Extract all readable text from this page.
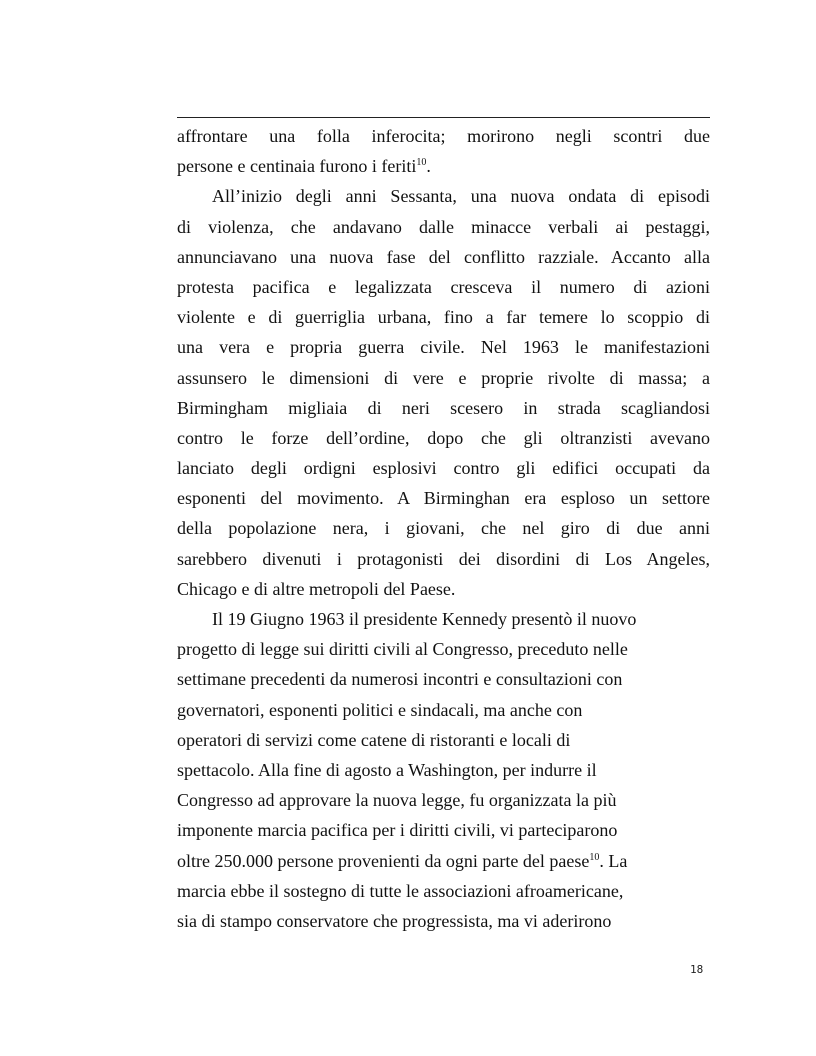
affrontare una folla inferocita; morirono negli scontri due
persone e centinaia furono i feriti$^{10}$.
All’inizio degli anni Sessanta, una nuova ondata di episodi
di violenza, che andavano dalle minacce verbali ai pestaggi,
annunciavano una nuova fase del conflitto razziale. Accanto alla
protesta pacifica e legalizzata cresceva il numero di azioni
violente e di guerriglia urbana, fino a far temere lo scoppio di
una vera e propria guerra civile. Nel 1963 le manifestazioni
assunsero le dimensioni di vere e proprie rivolte di massa; a
Birmingham migliaia di neri scesero in strada scagliandosi
contro le forze dell’ordine, dopo che gli oltranzisti avevano
lanciato degli ordigni esplosivi contro gli edifici occupati da
esponenti del movimento. A Birminghan era esploso un settore
della popolazione nera, i giovani, che nel giro di due anni
sarebbero divenuti i protagonisti dei disordini di Los Angeles,
Chicago e di altre metropoli del Paese.
Il 19 Giugno 1963 il presidente Kennedy presentò il nuovo
progetto di legge sui diritti civili al Congresso, preceduto nelle
settimane precedenti da numerosi incontri e consultazioni con
governatori, esponenti politici e sindacali, ma anche con
operatori di servizi come catene di ristoranti e locali di
spettacolo. Alla fine di agosto a Washington, per indurre il
Congresso ad approvare la nuova legge, fu organizzata la più
imponente marcia pacifica per i diritti civili, vi parteciparono
oltre 250.000 persone provenienti da ogni parte del paese$^{10}$. La
marcia ebbe il sostegno di tutte le associazioni afroamericane,
sia di stampo conservatore che progressista, ma vi aderirono
18
